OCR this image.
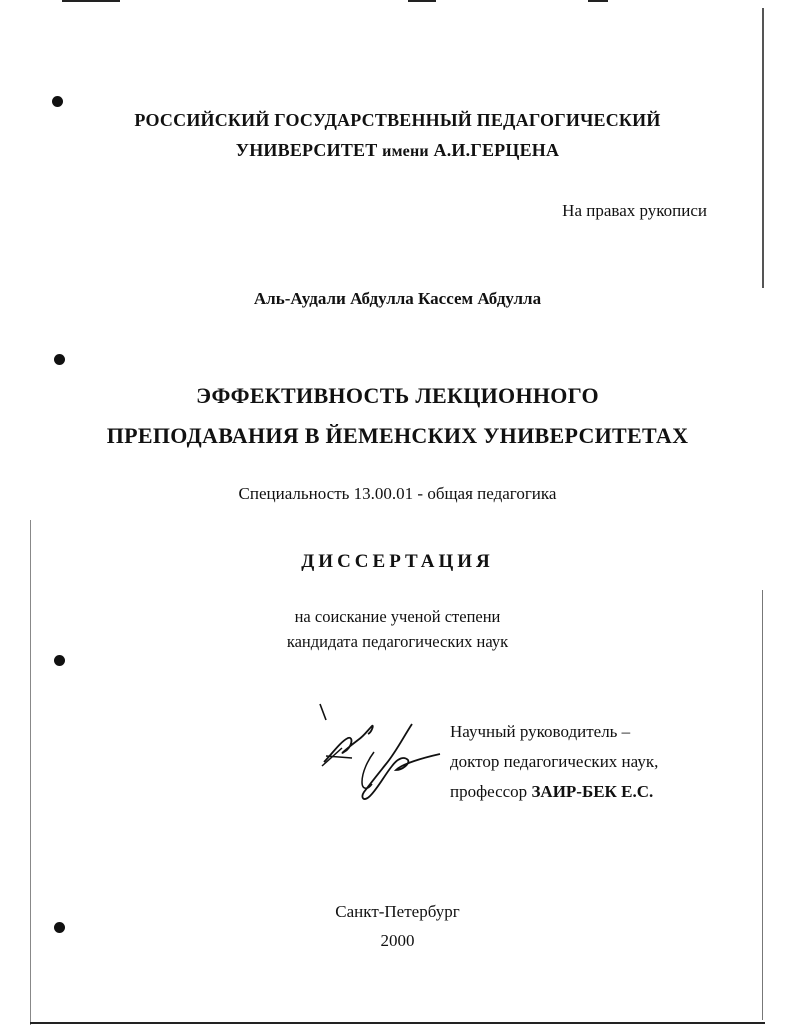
РОССИЙСКИЙ ГОСУДАРСТВЕННЫЙ ПЕДАГОГИЧЕСКИЙ
УНИВЕРСИТЕТ имени А.И.ГЕРЦЕНА
На правах рукописи
Аль-Аудали Абдулла Кассем Абдулла
ЭФФЕКТИВНОСТЬ ЛЕКЦИОННОГО
ПРЕПОДАВАНИЯ В ЙЕМЕНСКИХ УНИВЕРСИТЕТАХ
Специальность 13.00.01 - общая педагогика
ДИССЕРТАЦИЯ
на соискание ученой степени
кандидата педагогических наук
Научный руководитель –
доктор педагогических наук,
профессор ЗАИР-БЕК Е.С.
Санкт-Петербург
2000
